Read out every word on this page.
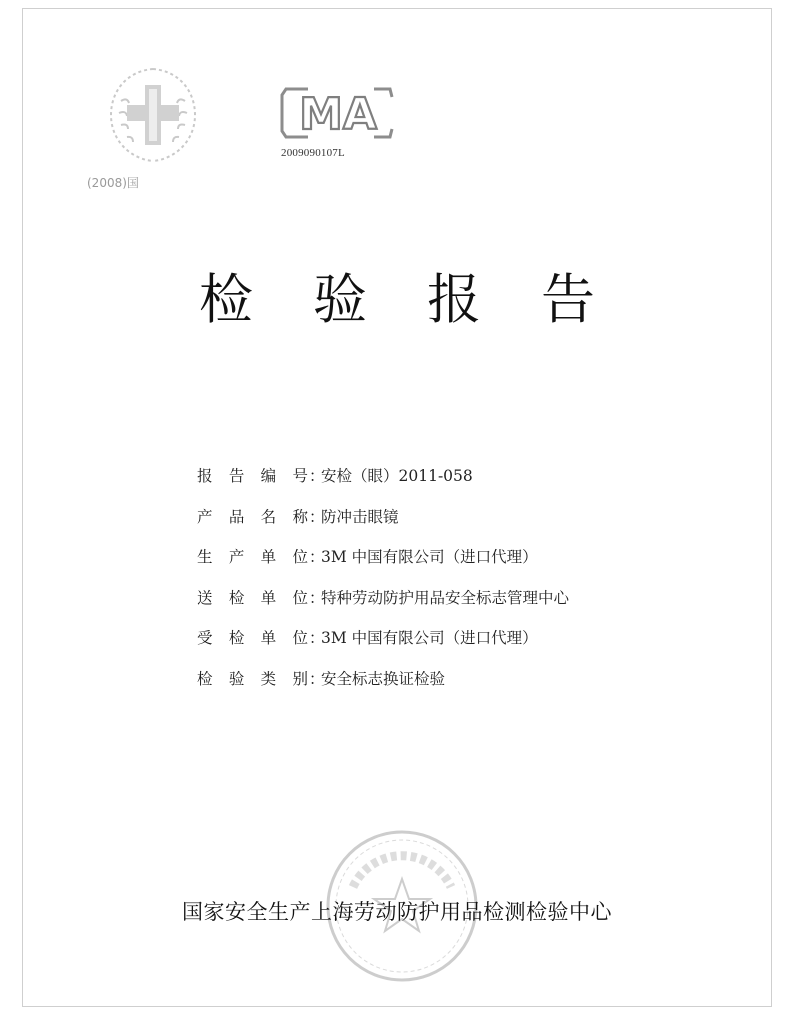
(2008)国
MA
2009090107L
检验报告
报告编号 ：
安检（眼）2011-058
产品名称 ：
防冲击眼镜
生产单位 ：
3M 中国有限公司（进口代理）
送检单位 ：
特种劳动防护用品安全标志管理中心
受检单位 ：
3M 中国有限公司（进口代理）
检验类别 ：
安全标志换证检验
国家安全生产上海劳动防护用品检测检验中心
